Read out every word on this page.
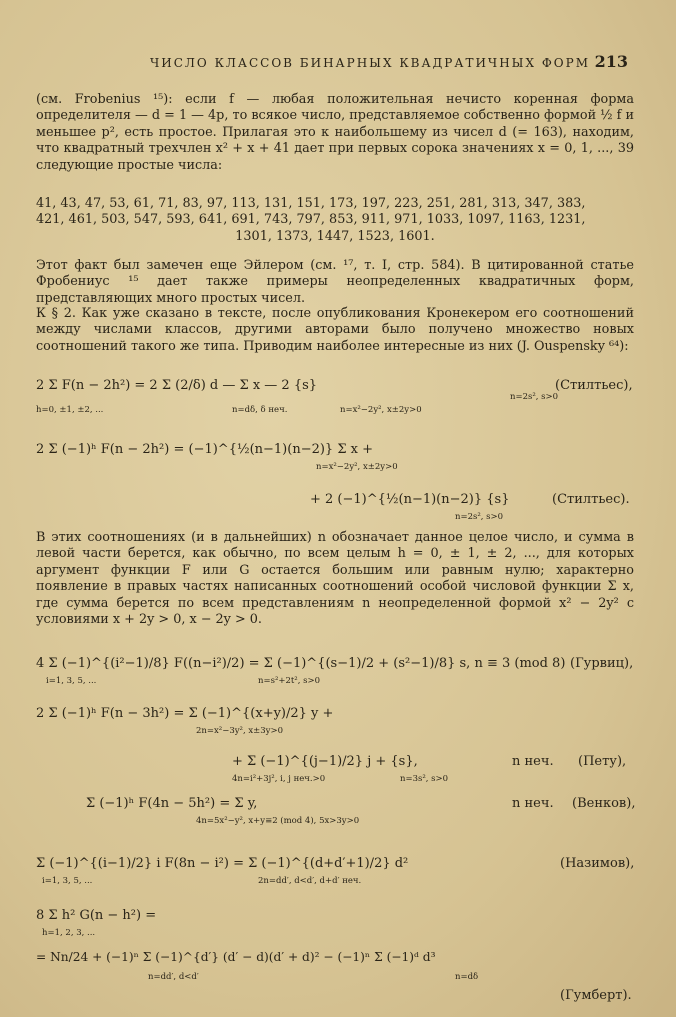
ЧИСЛО КЛАССОВ БИНАРНЫХ КВАДРАТИЧНЫХ ФОРМ 213
(см. Frobenius ¹⁵): если f — любая положительная нечисто коренная форма определителя — d = 1 — 4p, то всякое число, представляемое собственно формой ½ f и меньшее p², есть простое. Прилагая это к наибольшему из чисел d (= 163), находим, что квадратный трехчлен x² + x + 41 дает при первых сорока значениях x = 0, 1, ..., 39 следующие простые числа:
41, 43, 47, 53, 61, 71, 83, 97, 113, 131, 151, 173, 197, 223, 251, 281, 313, 347, 383,
421, 461, 503, 547, 593, 641, 691, 743, 797, 853, 911, 971, 1033, 1097, 1163, 1231,
1301, 1373, 1447, 1523, 1601.
Этот факт был замечен еще Эйлером (см. ¹⁷, т. I, стр. 584). В цитированной статье Фробениус ¹⁵ дает также примеры неопределенных квадратичных форм, представляющих много простых чисел.
К § 2. Как уже сказано в тексте, после опубликования Кронекером его соотношений между числами классов, другими авторами было получено множество новых соотношений такого же типа. Приводим наиболее интересные из них (J. Ouspensky ⁶⁴):
2 Σ F(n − 2h²) = 2 Σ (2/δ) d — Σ x — 2 {s}
h=0, ±1, ±2, ...	n=dδ, δ неч.	n=x²−2y², x±2y>0
n=2s², s>0
(Стилтьес),
2 Σ (−1)ʰ F(n − 2h²) = (−1)^{½(n−1)(n−2)} Σ x +
n=x²−2y², x±2y>0
+ 2 (−1)^{½(n−1)(n−2)} {s}
n=2s², s>0
(Стилтьес).
В этих соотношениях (и в дальнейших) n обозначает данное целое число, и сумма в левой части берется, как обычно, по всем целым h = 0, ± 1, ± 2, ..., для которых аргумент функции F или G остается большим или равным нулю; характерно появление в правых частях написанных соотношений особой числовой функции Σ x, где сумма берется по всем представлениям n неопределенной формой x² − 2y² с условиями x + 2y > 0, x − 2y > 0.
4 Σ (−1)^{(i²−1)/8} F((n−i²)/2) = Σ (−1)^{(s−1)/2 + (s²−1)/8} s, n ≡ 3 (mod 8)
i=1, 3, 5, ...	n=s²+2t², s>0
(Гурвиц),
2 Σ (−1)ʰ F(n − 3h²) = Σ (−1)^{(x+y)/2} y +
2n=x²−3y², x±3y>0
+ Σ (−1)^{(j−1)/2} j + {s},
4n=i²+3j², i, j неч.>0	n=3s², s>0
n неч. (Пету),
Σ (−1)ʰ F(4n − 5h²) = Σ y,
4n=5x²−y², x+y≡2 (mod 4), 5x>3y>0
n неч. (Венков),
Σ (−1)^{(i−1)/2} i F(8n − i²) = Σ (−1)^{(d+d′+1)/2} d²
i=1, 3, 5, ...	2n=dd′, d<d′, d+d′ неч.
(Назимов),
8 Σ h² G(n − h²) =
h=1, 2, 3, ...
= Nn/24 + (−1)ⁿ Σ (−1)^{d′} (d′ − d)(d′ + d)² − (−1)ⁿ Σ (−1)ᵈ d³
n=dd′, d<d′	n=dδ
(Гумберт).
